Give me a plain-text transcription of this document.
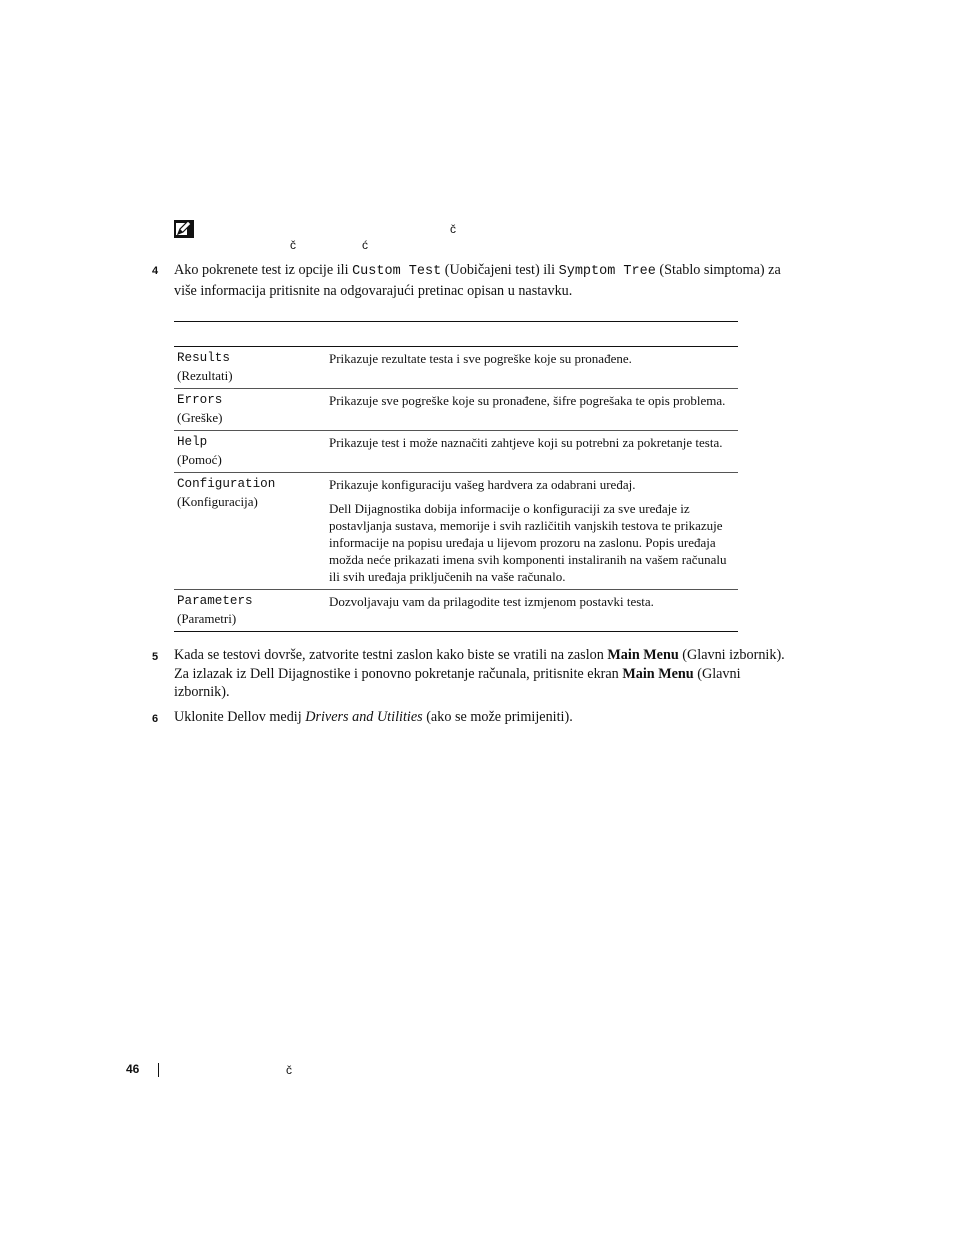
č
č	ć
4 Ako pokrenete test iz opcije ili Custom Test (Uobičajeni test) ili Symptom Tree (Stablo simptoma) za više informacija pritisnite na odgovarajući pretinac opisan u nastavku.
Results
(Rezultati)

Prikazuje rezultate testa i sve pogreške koje su pronađene.

Errors
(Greške)

Prikazuje sve pogreške koje su pronađene, šifre pogrešaka te opis problema.

Help
(Pomoć)

Prikazuje test i može naznačiti zahtjeve koji su potrebni za pokretanje testa.

Configuration
(Konfiguracija)

Prikazuje konfiguraciju vašeg hardvera za odabrani uređaj.

Dell Dijagnostika dobija informacije o konfiguraciji za sve uređaje iz postavljanja sustava, memorije i svih različitih vanjskih testova te prikazuje informacije na popisu uređaja u lijevom prozoru na zaslonu. Popis uređaja možda neće prikazati imena svih komponenti instaliranih na vašem računalu ili svih uređaja priključenih na vaše računalo.

Parameters
(Parametri)

Dozvoljavaju vam da prilagodite test izmjenom postavki testa.

5 Kada se testovi dovrše, zatvorite testni zaslon kako biste se vratili na zaslon Main Menu (Glavni izbornik). Za izlazak iz Dell Dijagnostike i ponovno pokretanje računala, pritisnite ekran Main Menu (Glavni izbornik).
6 Uklonite Dellov medij Drivers and Utilities (ako se može primijeniti).
46	č
